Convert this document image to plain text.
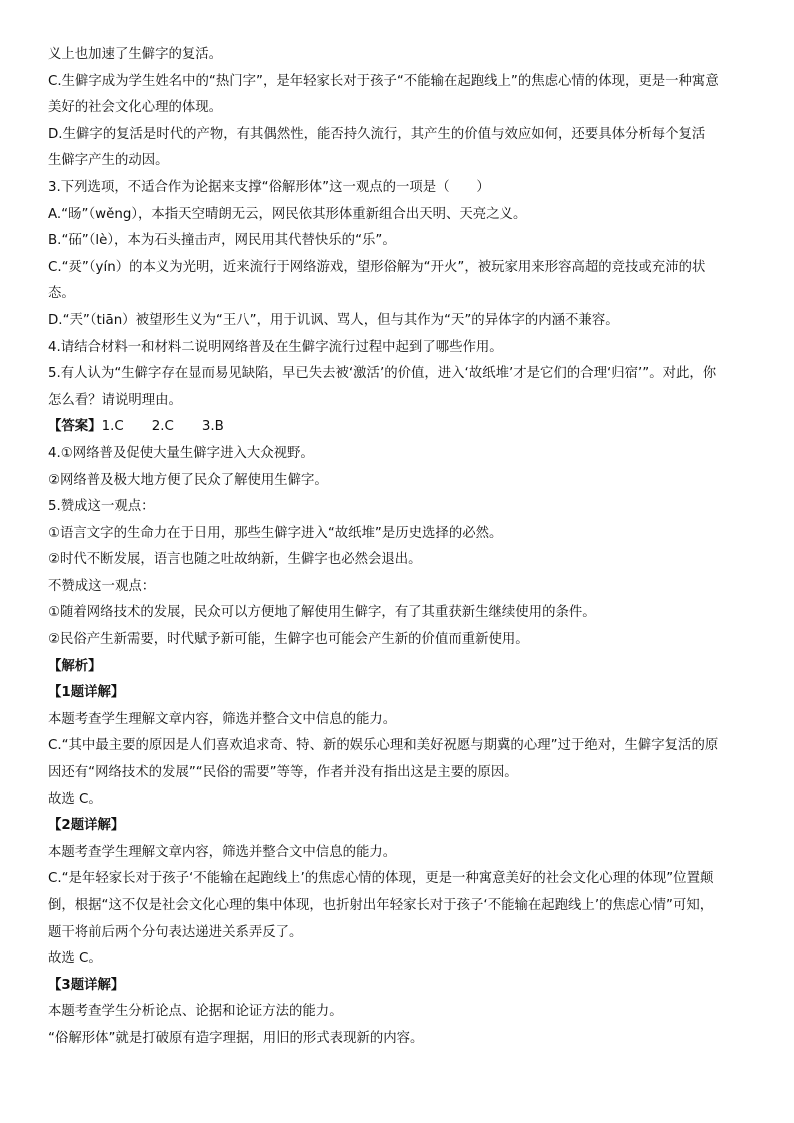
义上也加速了生僻字的复活。
C.生僻字成为学生姓名中的“热门字”，是年轻家长对于孩子“不能输在起跑线上”的焦虑心情的体现，更是一种寓意
美好的社会文化心理的体现。
D.生僻字的复活是时代的产物，有其偶然性，能否持久流行，其产生的价值与效应如何，还要具体分析每个复活
生僻字产生的动因。
3.下列选项，不适合作为论据来支撑“俗解形体”这一观点的一项是（　　）
A.“旸”（wěng），本指天空晴朗无云，网民依其形体重新组合出天明、天亮之义。
B.“砳”（lè），本为石头撞击声，网民用其代替快乐的“乐”。
C.“烎”（yín）的本义为光明，近来流行于网络游戏，望形俗解为“开火”，被玩家用来形容高超的竞技或充沛的状
态。
D.“兲”（tiān）被望形生义为“王八”，用于讥讽、骂人，但与其作为“天”的异体字的内涵不兼容。
4.请结合材料一和材料二说明网络普及在生僻字流行过程中起到了哪些作用。
5.有人认为“生僻字存在显而易见缺陷，早已失去被‘激活’的价值，进入‘故纸堆’才是它们的合理‘归宿’”。对此，你
怎么看？请说明理由。
【答案】1.C 2.C 3.B
4.①网络普及促使大量生僻字进入大众视野。
②网络普及极大地方便了民众了解使用生僻字。
5.赞成这一观点：
①语言文字的生命力在于日用，那些生僻字进入“故纸堆”是历史选择的必然。
②时代不断发展，语言也随之吐故纳新，生僻字也必然会退出。
不赞成这一观点：
①随着网络技术的发展，民众可以方便地了解使用生僻字，有了其重获新生继续使用的条件。
②民俗产生新需要，时代赋予新可能，生僻字也可能会产生新的价值而重新使用。
【解析】
【1题详解】
本题考查学生理解文章内容，筛选并整合文中信息的能力。
C.“其中最主要的原因是人们喜欢追求奇、特、新的娱乐心理和美好祝愿与期冀的心理”过于绝对，生僻字复活的原
因还有“网络技术的发展”“民俗的需要”等等，作者并没有指出这是主要的原因。
故选 C。
【2题详解】
本题考查学生理解文章内容，筛选并整合文中信息的能力。
C.“是年轻家长对于孩子‘不能输在起跑线上’的焦虑心情的体现，更是一种寓意美好的社会文化心理的体现”位置颠
倒，根据“这不仅是社会文化心理的集中体现，也折射出年轻家长对于孩子‘不能输在起跑线上’的焦虑心情”可知，
题干将前后两个分句表达递进关系弄反了。
故选 C。
【3题详解】
本题考查学生分析论点、论据和论证方法的能力。
“俗解形体”就是打破原有造字理据，用旧的形式表现新的内容。
